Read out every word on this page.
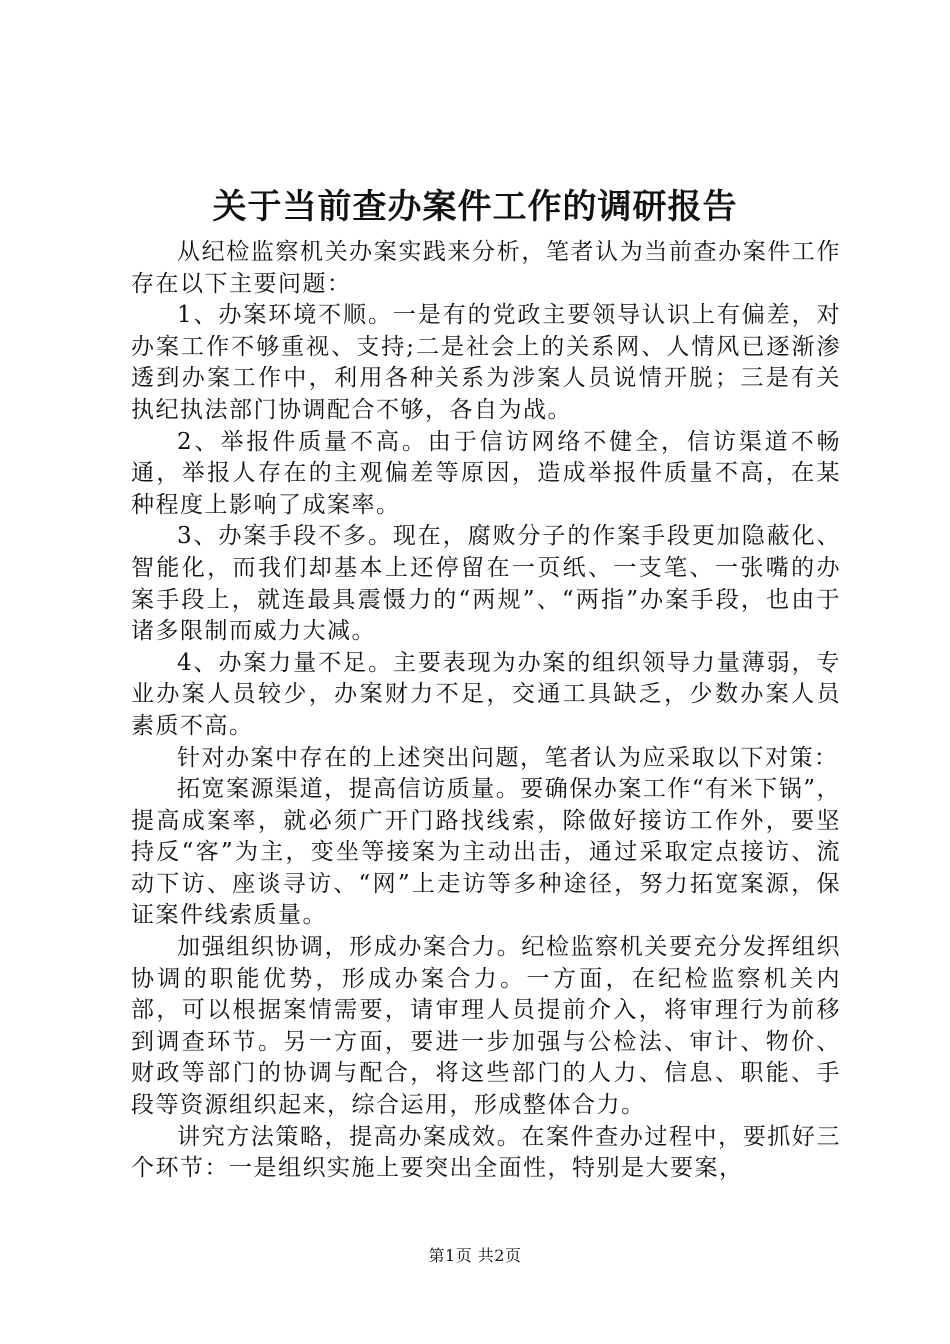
关于当前查办案件工作的调研报告

从纪检监察机关办案实践来分析，笔者认为当前查办案件工作存在以下主要问题：

1、办案环境不顺。一是有的党政主要领导认识上有偏差，对办案工作不够重视、支持;二是社会上的关系网、人情风已逐渐渗透到办案工作中，利用各种关系为涉案人员说情开脱；三是有关执纪执法部门协调配合不够，各自为战。

2、举报件质量不高。由于信访网络不健全，信访渠道不畅通，举报人存在的主观偏差等原因，造成举报件质量不高，在某种程度上影响了成案率。

3、办案手段不多。现在，腐败分子的作案手段更加隐蔽化、智能化，而我们却基本上还停留在一页纸、一支笔、一张嘴的办案手段上，就连最具震慑力的“两规”、“两指”办案手段，也由于诸多限制而威力大减。

4、办案力量不足。主要表现为办案的组织领导力量薄弱，专业办案人员较少，办案财力不足，交通工具缺乏，少数办案人员素质不高。

针对办案中存在的上述突出问题，笔者认为应采取以下对策：

拓宽案源渠道，提高信访质量。要确保办案工作“有米下锅”，提高成案率，就必须广开门路找线索，除做好接访工作外，要坚持反“客”为主，变坐等接案为主动出击，通过采取定点接访、流动下访、座谈寻访、“网”上走访等多种途径，努力拓宽案源，保证案件线索质量。

加强组织协调，形成办案合力。纪检监察机关要充分发挥组织协调的职能优势，形成办案合力。一方面，在纪检监察机关内部，可以根据案情需要，请审理人员提前介入，将审理行为前移到调查环节。另一方面，要进一步加强与公检法、审计、物价、财政等部门的协调与配合，将这些部门的人力、信息、职能、手段等资源组织起来，综合运用，形成整体合力。

讲究方法策略，提高办案成效。在案件查办过程中，要抓好三个环节：一是组织实施上要突出全面性，特别是大要案，

第1页 共2页
